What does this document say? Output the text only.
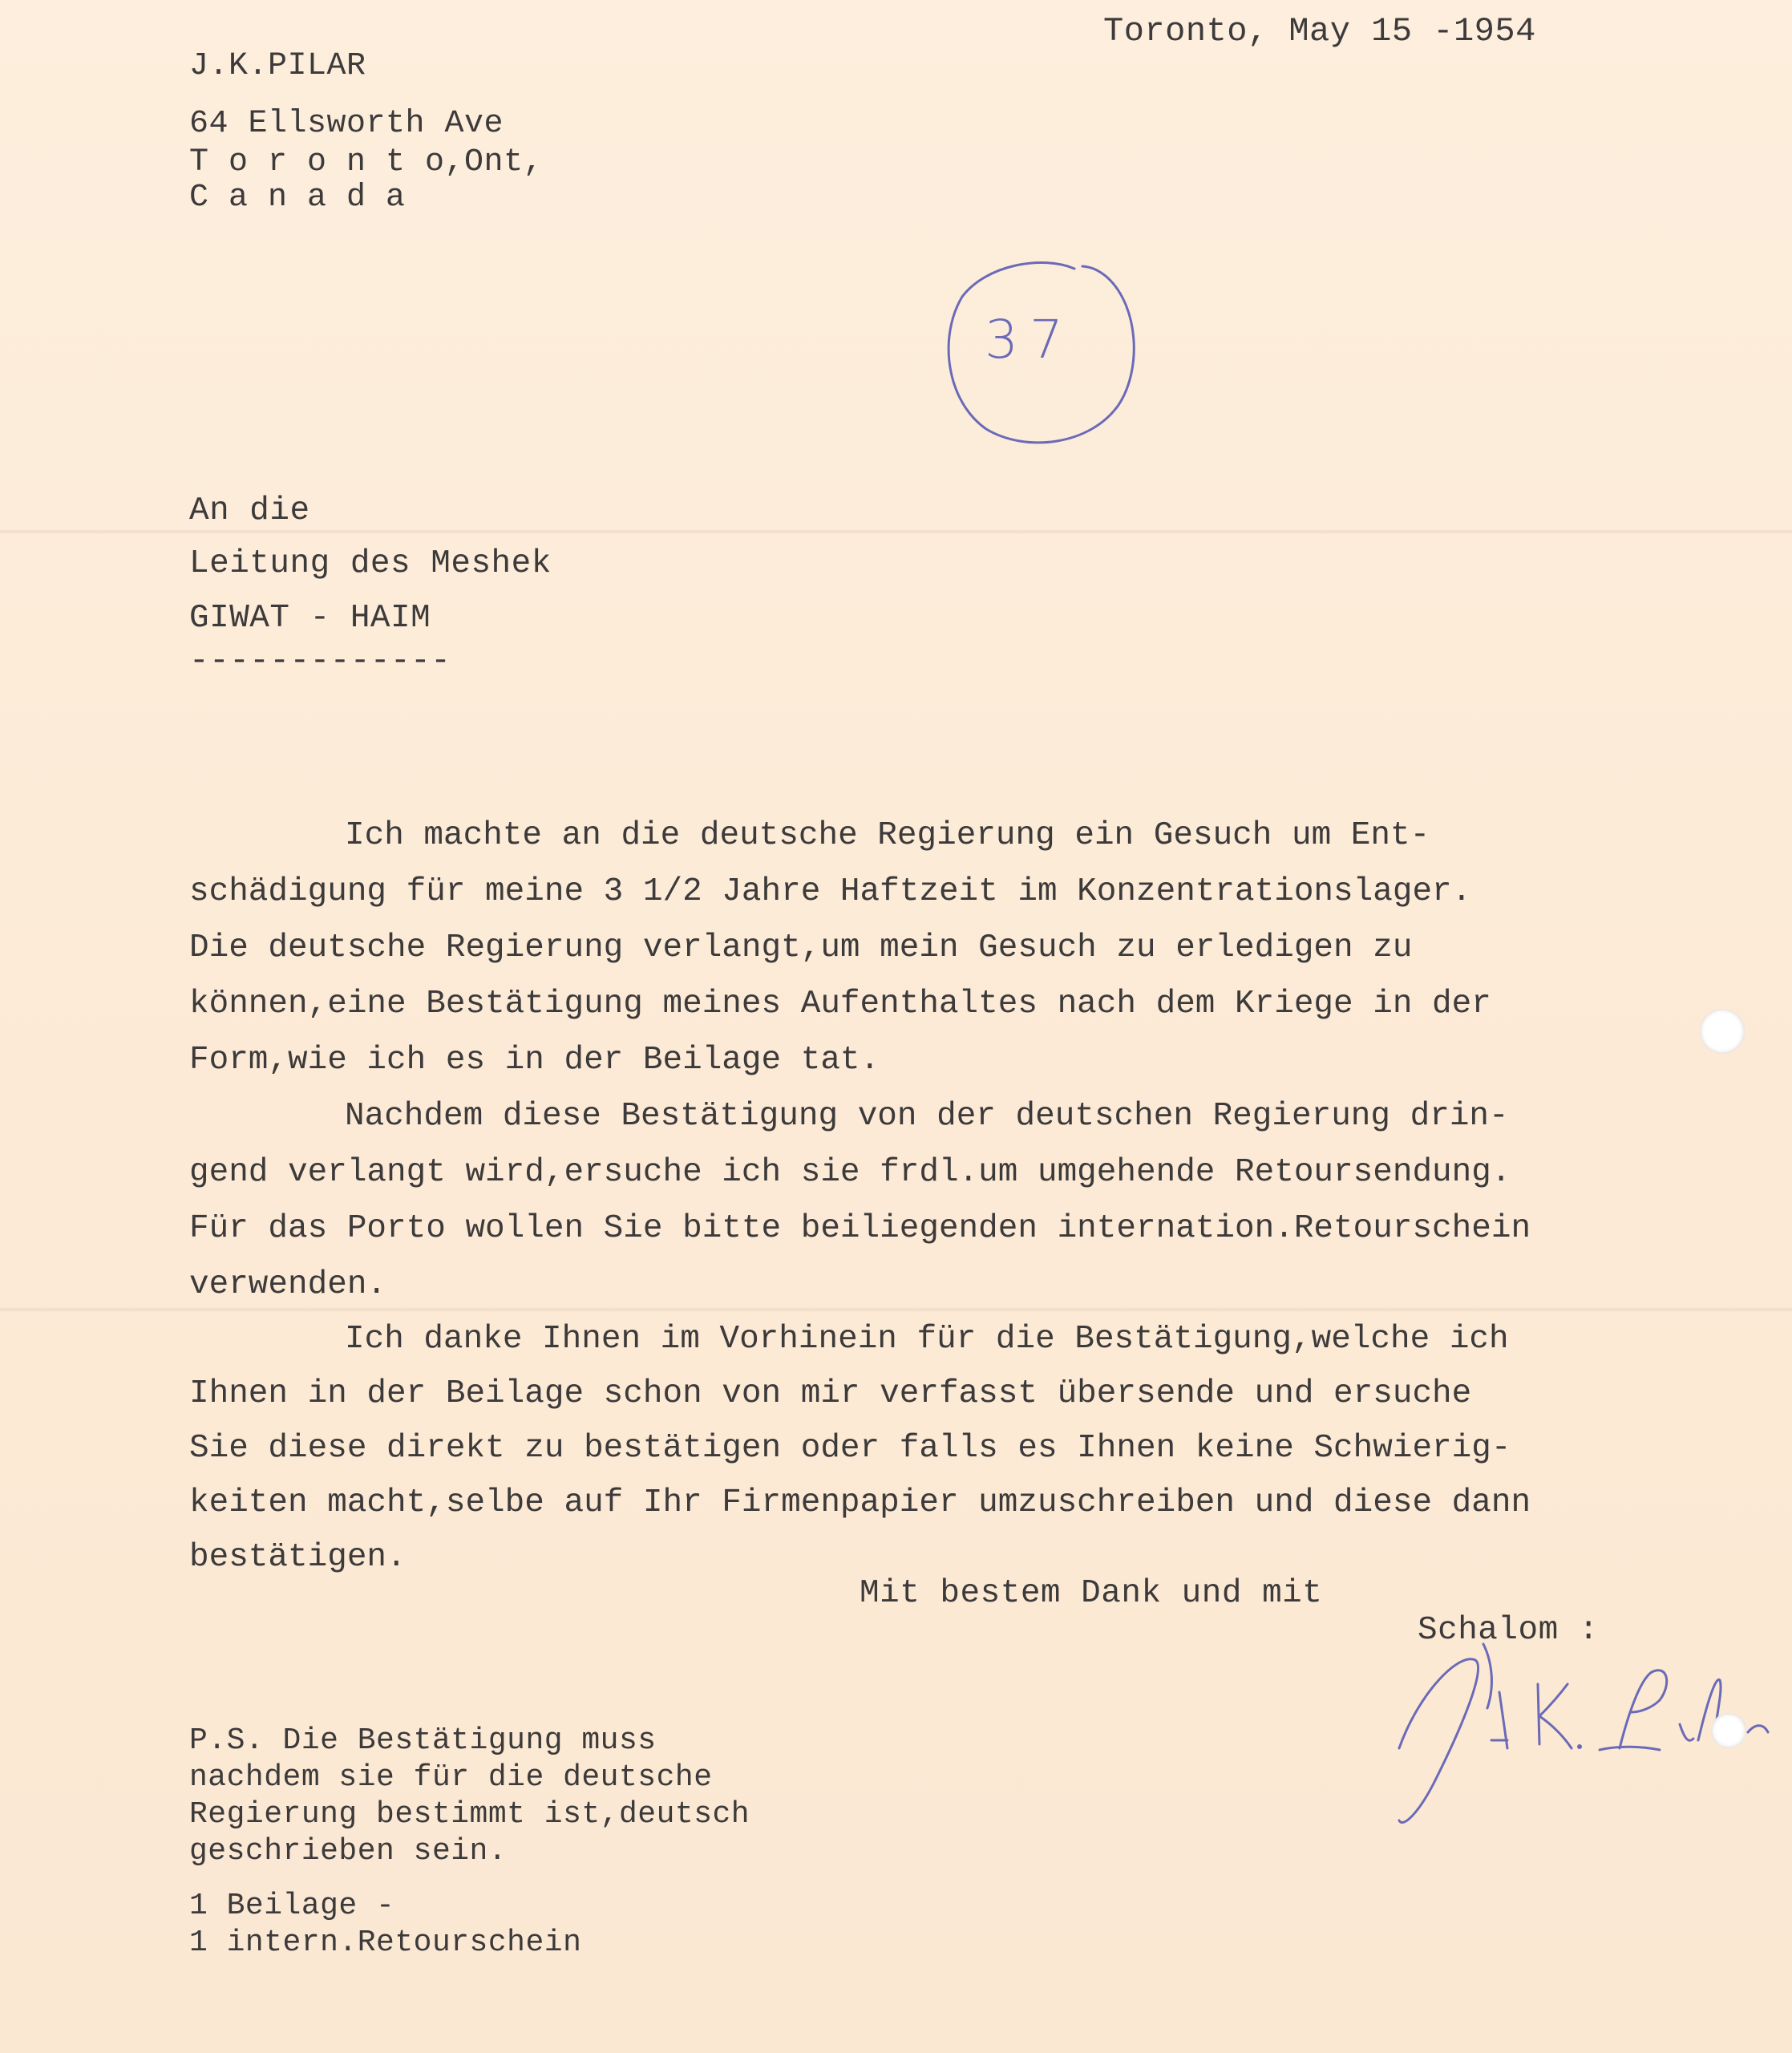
J.K.PILAR
64 Ellsworth Ave
T o r o n t o,Ont,
C a n a d a
Toronto, May 15 -1954
37
An die
Leitung des Meshek
GIWAT - HAIM
-------------
Ich machte an die deutsche Regierung ein Gesuch um Ent-
schädigung für meine 3 1/2 Jahre Haftzeit im Konzentrationslager.
Die deutsche Regierung verlangt,um mein Gesuch zu erledigen zu
können,eine Bestätigung meines Aufenthaltes nach dem Kriege in der
Form,wie ich es in der Beilage tat.
Nachdem diese Bestätigung von der deutschen Regierung drin-
gend verlangt wird,ersuche ich sie frdl.um umgehende Retoursendung.
Für das Porto wollen Sie bitte beiliegenden internation.Retourschein
verwenden.
Ich danke Ihnen im Vorhinein für die Bestätigung,welche ich
Ihnen in der Beilage schon von mir verfasst übersende und ersuche
Sie diese direkt zu bestätigen oder falls es Ihnen keine Schwierig-
keiten macht,selbe auf Ihr Firmenpapier umzuschreiben und diese dann
bestätigen.
Mit bestem Dank und mit
Schalom :
P.S. Die Bestätigung muss
nachdem sie für die deutsche
Regierung bestimmt ist,deutsch
geschrieben sein.
1 Beilage -
1 intern.Retourschein
